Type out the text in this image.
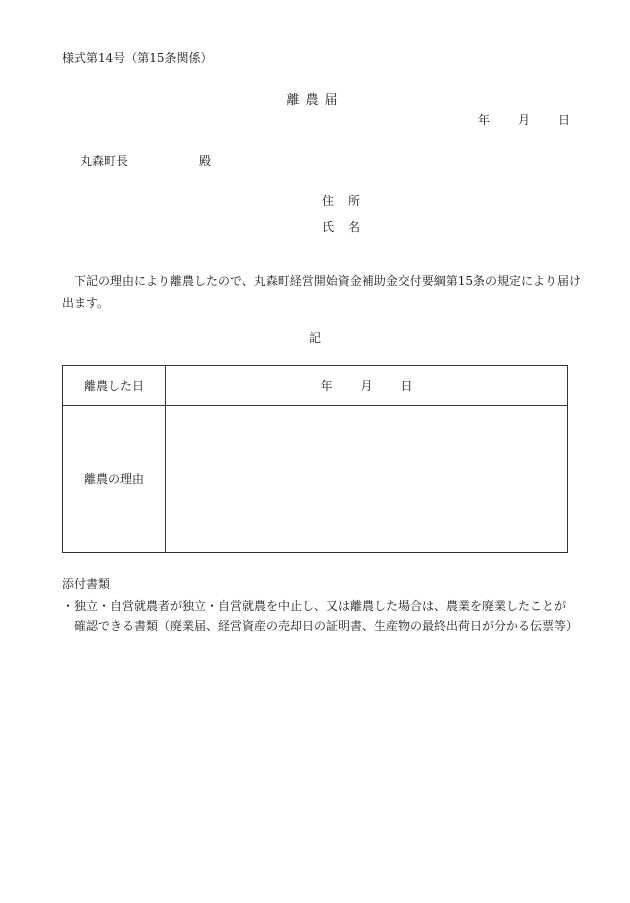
様式第14号（第15条関係）
離農届
年 月 日
丸森町長	殿
住 所
氏 名
下記の理由により離農したので、丸森町経営開始資金補助金交付要綱第15条の規定により届け出ます。
記
離農した日	年 月 日
離農の理由
添付書類
・独立・自営就農者が独立・自営就農を中止し、又は離農した場合は、農業を廃業したことが
確認できる書類（廃業届、経営資産の売却日の証明書、生産物の最終出荷日が分かる伝票等）
